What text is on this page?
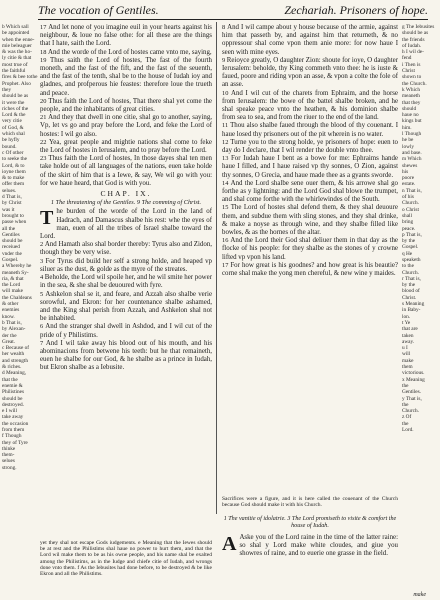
The vocation of Gentiles.	Zechariah. Prisoners of hope.
b Which sall
be appointed
when the enne-
mie beleaguer
& was the ho-
ly citie & that
most true of
the faithful
fires & bee tothe
Prophet. Also they
should be as
it were the
riches of the
Lord & the
very citie
of God, &
which shal
be hyfly
bound.
c Of other
to seeke the
Lord, & to
ioyne them
& to make
offer them
selues.
d That is,
by Christ
was it
brought to
passe when
all the
Gentiles
should be
receiued
vnder the
Gospel.
a Whereby he
meaneth Sy-
ria, & that
the Lord
will make
the Chaldeans
& other
enemies
know.
b That is,
by Alexan-
der the
Great.
c Because of
her wealth
and strength
& riches.
d Meaning,
that the
enemie &
Philistines
should be
destroyed.
e I will
take away
the occasion
from them
f Though
they of Tyre
thinke
them-
selues
strong.
g The Iebusites
should be as
the friends
of Iudah.
h I wil de-
fend
i Then is
Christ
shown to
the Church.
k Which
meaneth
that they
should
haue no
kings but
him.
l Though
he be
lowly
and base.
m Which
shewes
his
poore
estate.
n That is,
of his
Church.
o Christ
shall
bring
peace.
p That is,
by the
Gospel.
q He
speaketh
to the
Church.
r That is,
by the
blood of
Christ.
s Meaning
in Baby-
lon.
t Ye
that are
taken
away.
u I
will
make
them
victorious.
x Meaning
the
Gentiles.
y That is,
the
Church.
z Of
the
Lord.

17 And let none of you imagine euil in your hearts against his neighbour, & loue no false othe: for all these are the things that I hate, saith the Lord.

18 And the worde of the Lord of hostes came vnto me, saying,

19 Thus saith the Lord of hostes, The fast of the fourth moneth, and the fast of the fift, and the fast of the seuenth, and the fast of the tenth, shal be to the house of Iudah ioy and gladnes, and profperous hie feastes: therefore loue the trueth and peace.

20 Thus faith the Lord of hostes, That there shal yet come the people, and the inhabitants of great cities.

21 And they that dwell in one citie, shal go to another, saying, Vp, let vs go and pray before the Lord, and feke the Lord of hostes: I wil go also.

22 Yea, great people and mightie nations shal come to feke the Lord of hostes in Ierusalem, and to pray before the Lord.

23 Thus faith the Lord of hostes, In those dayes shal ten men take holde out of all languages of the nations, euen take holde of the skirt of him that is a Iewe, & say, We wil go with you: for we haue heard, that God is with you.

CHAP. IX.
1 The threatening of the Gentiles. 9 The comming of Christ.

The burden of the worde of the Lord in the land of Hadrach, and Damascus shalbe his rest: whe the eyes of man, euen of all the tribes of Israel shalbe toward the Lord.

2 And Hamath also shal border thereby: Tyrus also and Zidon, though they be very wise.

3 For Tyrus did build her self a strong holde, and heaped vp siluer as the dust, & golde as the myre of the streates.

4 Beholde, the Lord wil spoile her, and he wil smite her power in the sea, & she shal be deuoured with fyre.

5 Ashkelon shal se it, and feare, and Azzah also shalbe verie sorowful, and Ekron: for her countenance shalbe ashamed, and the King shal perish from Azzah, and Ashkelon shal not be inhabited.

6 And the stranger shal dwell in Ashdod, and I wil cut of the pride of y Philistims.

7 And I wil take away his blood out of his mouth, and his abominacions from betwene his teeth: but he that remaineth, euen he shalbe for our God, & he shalbe as a prince in Iudah, but Ekron shalbe as a Iebusite.

yet they shal not escape Gods iudgements. e Meaning that the Iewes should be at rest and the Philistims shal haue no power to hurt them, and that the Lord wil make them to be as his owne people, and his name shal be exalted among the Philistims, as in the Iudge and chiefe citie of Iudah, and wrongs done vnto them. f As the Iebusites had done before, to be destroyed & be like Ekron and all the Philistims.

8 And I wil campe about y house because of the armie, against him that passeth by, and against him that returneth, & no oppressour shal come vpon them anie more: for now haue I seen with mine eyes.

9 Reioyce greatly, O daughter Zion: shoute for ioye, O daughter Ierusalem: beholde, thy King commeth vnto thee: he is iuste & faued, poore and riding vpon an asse, & vpon a colte the fole of an asse.

10 And I wil cut of the charets from Ephraim, and the horse from Ierusalem: the bowe of the battel shalbe broken, and he shal speake peace vnto the heathen, & his dominion shalbe from sea to sea, and from the riuer to the end of the land.

11 Thou also shalbe faued through the blood of thy couenant. I haue losed thy prisoners out of the pit wherein is no water.

12 Turne you to the strong holde, ye prisoners of hope: euen to day do I declare, that I wil render the double vnto thee.

13 For Iudah haue I bent as a bowe for me: Ephraims hande haue I filled, and I haue raised vp thy sonnes, O Zion, against thy sonnes, O Grecia, and haue made thee as a gyants sworde.

14 And the Lord shalbe sene ouer them, & his arrowe shal go forthe as y lightning: and the Lord God shal blowe the trumpet, and shal come forthe with the whirlewindes of the South.

15 The Lord of hostes shal defend them, & they shal deuoure them, and subdue them with sling stones, and they shal drinke, & make a noyse as through wine, and they shalbe filled like bowles, & as the hornes of the altar.

16 And the Lord their God shal deliuer them in that day as the flocke of his people: for they shalbe as the stones of y crowne lifted vp vpon his land.

17 For how great is his goodnes? and how great is his beautie? corne shal make the yong men chereful, & new wine y maides.

Sacrifices were a figure, and it is here called the couenant of the Church because God should make it with his Church.
1 The vanitie of idolatrie. 3 The Lord promiseth to visite & comfort the house of Iudah.

A Aske you of the Lord raine in the time of the latter raine: so shal y Lord make white cloudes, and giue you showres of raine, and to euerie one grasse in the field.

make
